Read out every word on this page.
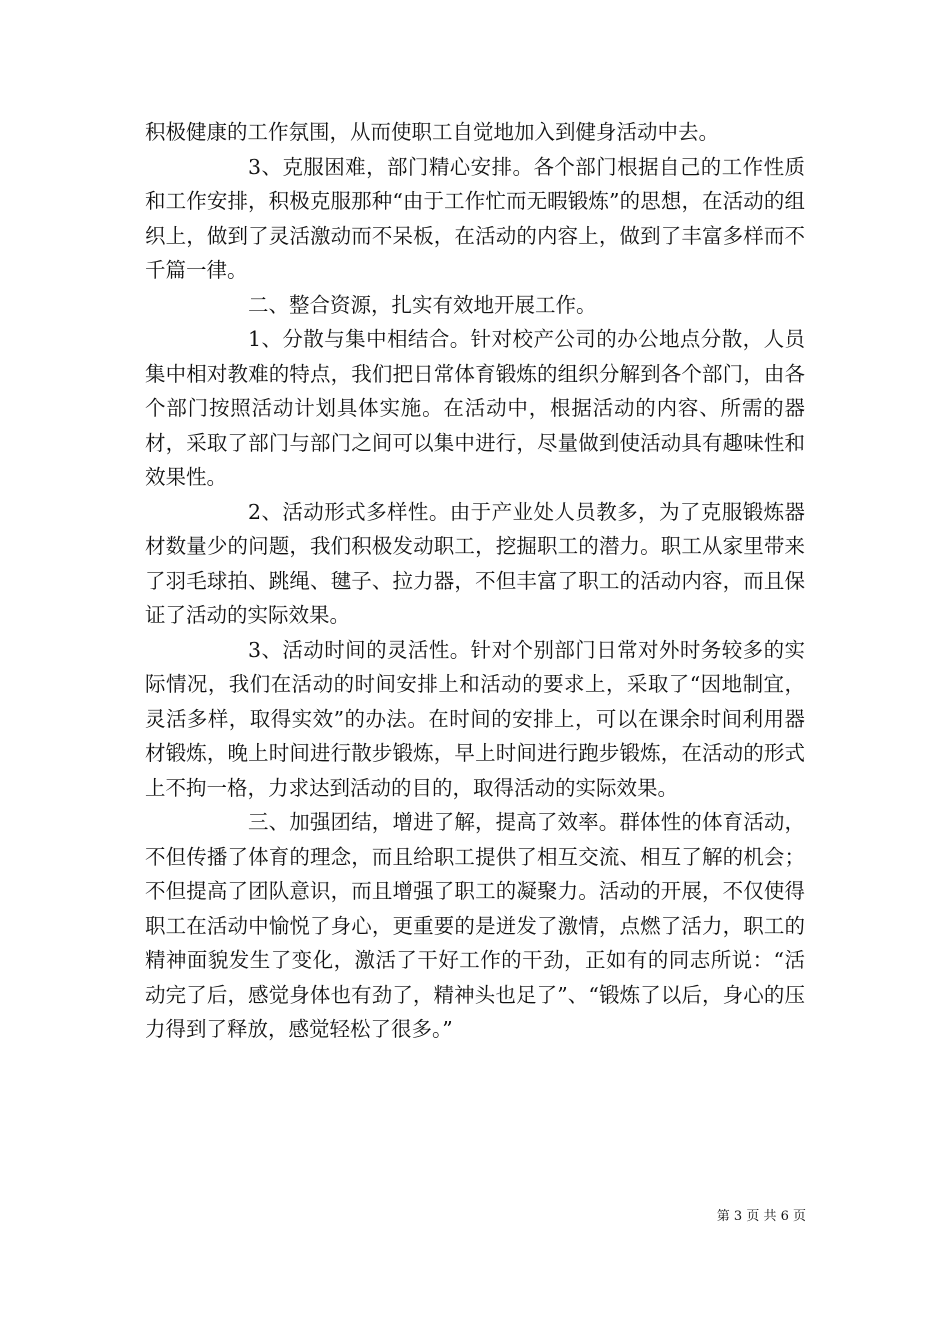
积极健康的工作氛围，从而使职工自觉地加入到健身活动中去。

3、克服困难，部门精心安排。各个部门根据自己的工作性质和工作安排，积极克服那种“由于工作忙而无暇锻炼”的思想，在活动的组织上，做到了灵活激动而不呆板，在活动的内容上，做到了丰富多样而不千篇一律。

二、整合资源，扎实有效地开展工作。

1、分散与集中相结合。针对校产公司的办公地点分散，人员集中相对教难的特点，我们把日常体育锻炼的组织分解到各个部门，由各个部门按照活动计划具体实施。在活动中，根据活动的内容、所需的器材，采取了部门与部门之间可以集中进行，尽量做到使活动具有趣味性和效果性。

2、活动形式多样性。由于产业处人员教多，为了克服锻炼器材数量少的问题，我们积极发动职工，挖掘职工的潜力。职工从家里带来了羽毛球拍、跳绳、毽子、拉力器，不但丰富了职工的活动内容，而且保证了活动的实际效果。

3、活动时间的灵活性。针对个别部门日常对外时务较多的实际情况，我们在活动的时间安排上和活动的要求上，采取了“因地制宜，灵活多样，取得实效”的办法。在时间的安排上，可以在课余时间利用器材锻炼，晚上时间进行散步锻炼，早上时间进行跑步锻炼，在活动的形式上不拘一格，力求达到活动的目的，取得活动的实际效果。

三、加强团结，增进了解，提高了效率。群体性的体育活动，不但传播了体育的理念，而且给职工提供了相互交流、相互了解的机会；不但提高了团队意识，而且增强了职工的凝聚力。活动的开展，不仅使得职工在活动中愉悦了身心，更重要的是迸发了激情，点燃了活力，职工的精神面貌发生了变化，激活了干好工作的干劲，正如有的同志所说：“活动完了后，感觉身体也有劲了，精神头也足了”、“锻炼了以后，身心的压力得到了释放，感觉轻松了很多。”

第 3 页 共 6 页
